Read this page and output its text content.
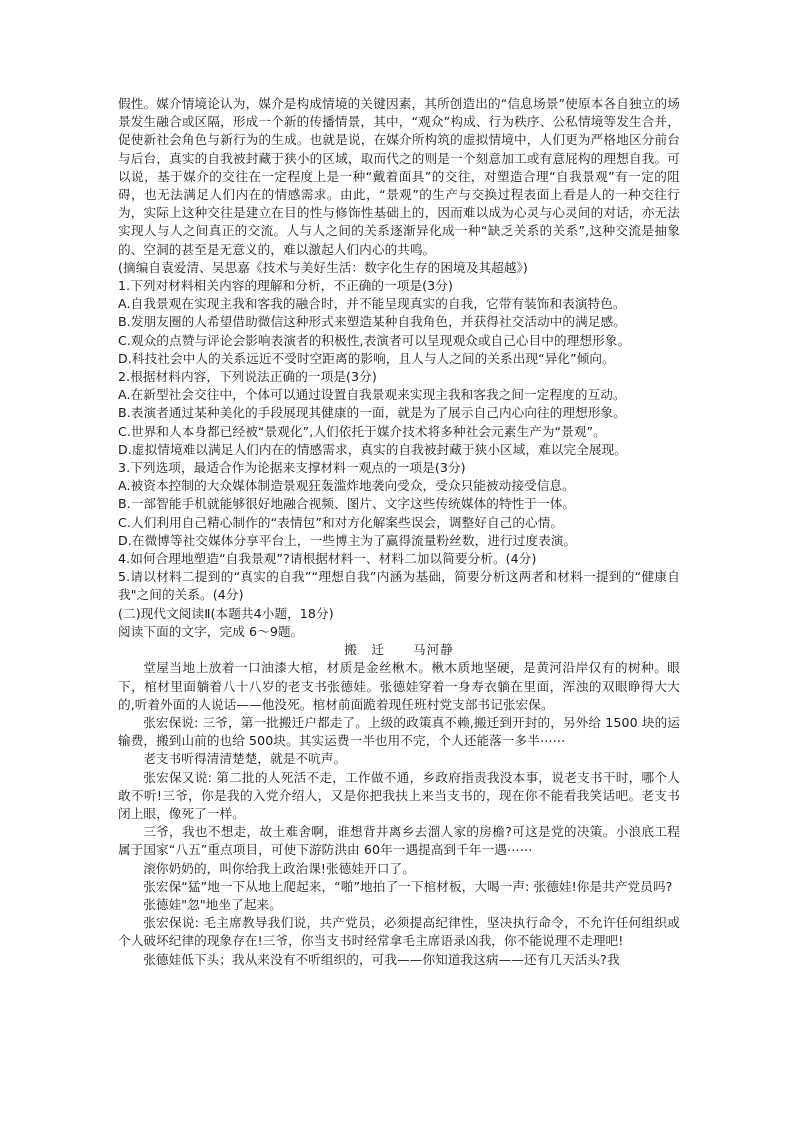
假性。媒介情境论认为，媒介是构成情境的关键因素，其所创造出的“信息场景”使原本各自独立的场景发生融合或区隔，形成一个新的传播情景，其中，“观众”构成、行为秩序、公私情境等发生合并，促使新社会角色与新行为的生成。也就是说，在媒介所构筑的虚拟情境中，人们更为严格地区分前台与后台，真实的自我被封藏于狭小的区域，取而代之的则是一个刻意加工或有意屁构的理想自我。可以说，基于媒介的交往在一定程度上是一种“戴着面具”的交往，对塑造合理“自我景观”有一定的阻碍，也无法满足人们内在的情感需求。由此，“景观”的生产与交换过程表面上看是人的一种交往行为，实际上这种交往是建立在目的性与修饰性基础上的，因而难以成为心灵与心灵间的对话，亦无法实现人与人之间真正的交流。人与人之间的关系逐渐异化成一种“缺乏关系的关系”,这种交流是抽象的、空洞的甚至是无意义的，难以激起人们内心的共鸣。

(摘编自袁爱清、吴思嘉《技术与美好生活：数字化生存的困境及其超越》)

1.下列对材料相关内容的理解和分析，不正确的一项是(3分)

A.自我景观在实现主我和客我的融合时，并不能呈现真实的自我，它带有装饰和表演特色。

B.发朋友圈的人希望借助微信这种形式来塑造某种自我角色，并获得社交活动中的满足感。

C.观众的点赞与评论会影响表演者的积极性,表演者可以呈现观众或自己心目中的理想形象。

D.科技社会中人的关系远近不受时空距离的影响，且人与人之间的关系出现“异化”倾向。

2.根据材料内容，下列说法正确的一项是(3分)

A.在新型社会交往中，个体可以通过设置自我景观来实现主我和客我之间一定程度的互动。

B.表演者通过某种美化的手段展现其健康的一面，就是为了展示自己内心向往的理想形象。

C.世界和人本身都已经被“景观化”,人们依托于媒介技术将多种社会元素生产为“景观”。

D.虚拟情境难以满足人们内在的情感需求，真实的自我被封藏于狭小区域，难以完全展现。

3.下列选项，最适合作为论据来支撑材料一观点的一项是(3分)

A.被资本控制的大众媒体制造景观狂轰滥炸地袭向受众，受众只能被动接受信息。

B.一部智能手机就能够很好地融合视频、图片、文字这些传统媒体的特性于一体。

C.人们利用自己精心制作的“表情包”和对方化解案些误会，调整好自己的心情。

D.在微博等社交媒体分享平台上，一些博主为了赢得流量粉丝数，进行过度表演。

4.如何合理地塑造“自我景观”?请根据材料一、材料二加以简要分析。(4分)

5.请以材料二提到的“真实的自我”“理想自我”内涵为基础，简要分析这两者和材料一提到的“健康自我"之间的关系。(4分)

(二)现代文阅读Ⅱ(本题共4小题，18分)

阅读下面的文字，完成 6～9题。

搬　迁 马河静

堂屋当地上放着一口油漆大棺，材质是金丝楸木。楸木质地坚硬，是黄河沿岸仅有的树种。眼下，棺材里面躺着八十八岁的老支书张德娃。张德娃穿着一身寿衣躺在里面，浑浊的双眼睁得大大的,听着外面的人说话——他没死。棺材前面跪着现任班村党支部书记张宏保。

张宏保说: 三爷，第一批搬迁户都走了。上级的政策真不赖,搬迁到开封的，另外给 1500 块的运输费，搬到山前的也给 500块。其实运费一半也用不完，个人还能落一多半⋯⋯

老支书听得清清楚楚，就是不吭声。

张宏保又说: 第二批的人死活不走，工作做不通，乡政府指责我没本事，说老支书干时，哪个人敢不听!三爷，你是我的入党介绍人，又是你把我扶上来当支书的，现在你不能看我笑话吧。老支书闭上眼，像死了一样。

三爷，我也不想走，故土难舍啊，谁想背井离乡去溜人家的房檐?可这是党的决策。小浪底工程属于国家“八五”重点项目，可使下游防洪由 60年一遇提高到千年一遇⋯⋯

滚你奶奶的，叫你给我上政治课!张德娃开口了。

张宏保“猛”地一下从地上爬起来，“啪”地拍了一下棺材板，大喝一声: 张德娃!你是共产党员吗?

张德娃"忽"地坐了起来。

张宏保说: 毛主席教导我们说，共产党员，必须提高纪律性，坚决执行命令，不允许任何组织或个人破坏纪律的现象存在!三爷，你当支书时经常拿毛主席语录凶我，你不能说理不走理吧!

张德娃低下头；我从来没有不听组织的，可我——你知道我这病——还有几天活头?我
